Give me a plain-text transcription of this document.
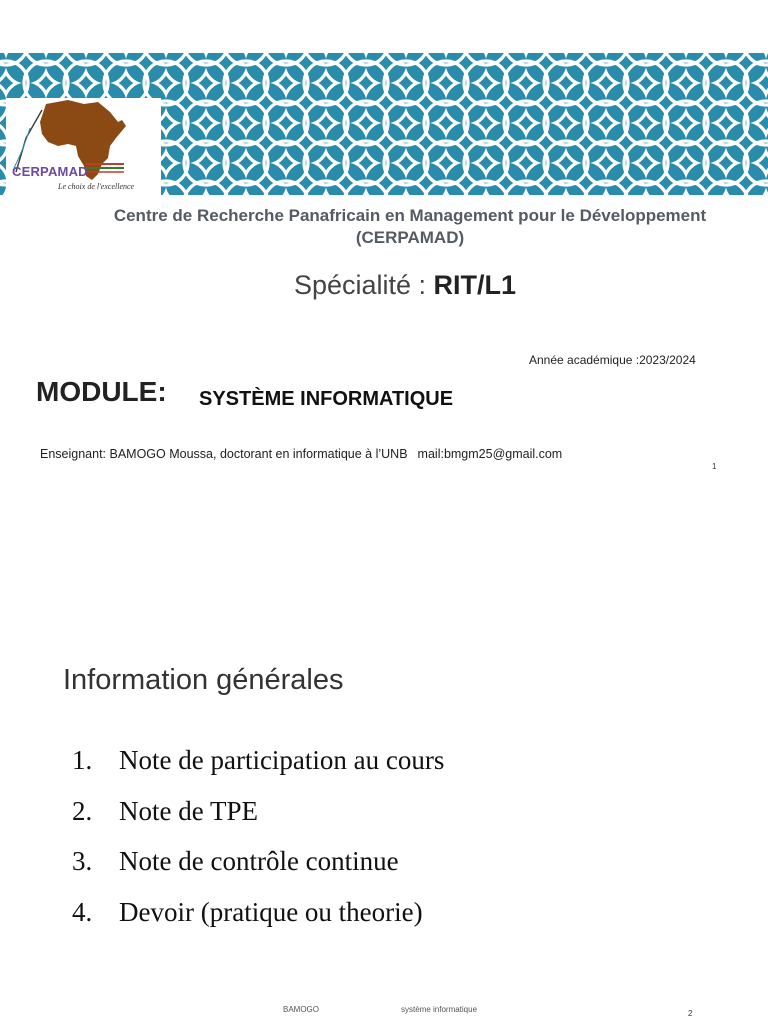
CERPAMAD
Le choix de l'excellence
Centre de Recherche Panafricain en Management pour le Développement
(CERPAMAD)
Spécialité : RIT/L1
Année académique :2023/2024
MODULE: SYSTÈME INFORMATIQUE
Enseignant: BAMOGO Moussa, doctorant en informatique à l’UNB mail:bmgm25@gmail.com
1
Information générales
1. Note de participation au cours
2. Note de TPE
3. Note de contrôle continue
4. Devoir (pratique ou theorie)
BAMOGO	système informatique	2
